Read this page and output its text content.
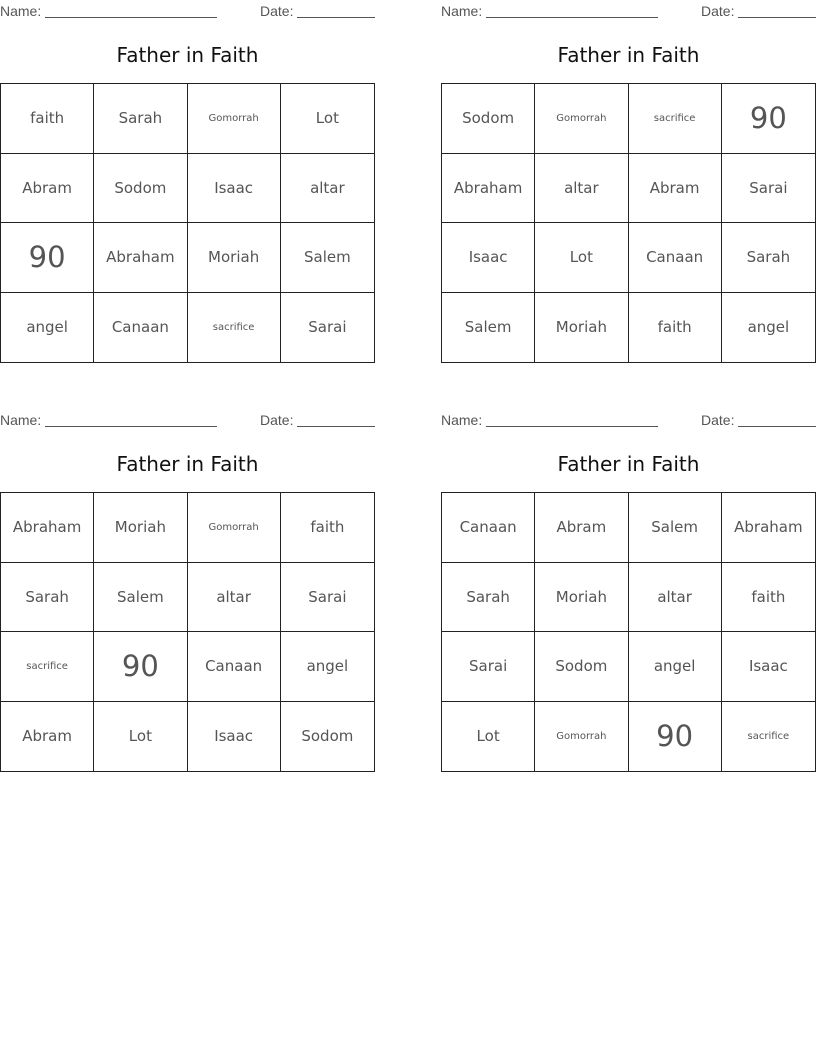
Name:	Date:
Father in Faith
faith	Sarah	Gomorrah	Lot
Abram	Sodom	Isaac	altar
90	Abraham	Moriah	Salem
angel	Canaan	sacrifice	Sarai
Name:	Date:
Father in Faith
Sodom	Gomorrah	sacrifice	90
Abraham	altar	Abram	Sarai
Isaac	Lot	Canaan	Sarah
Salem	Moriah	faith	angel
Name:	Date:
Father in Faith
Abraham	Moriah	Gomorrah	faith
Sarah	Salem	altar	Sarai
sacrifice	90	Canaan	angel
Abram	Lot	Isaac	Sodom
Name:	Date:
Father in Faith
Canaan	Abram	Salem	Abraham
Sarah	Moriah	altar	faith
Sarai	Sodom	angel	Isaac
Lot	Gomorrah	90	sacrifice
